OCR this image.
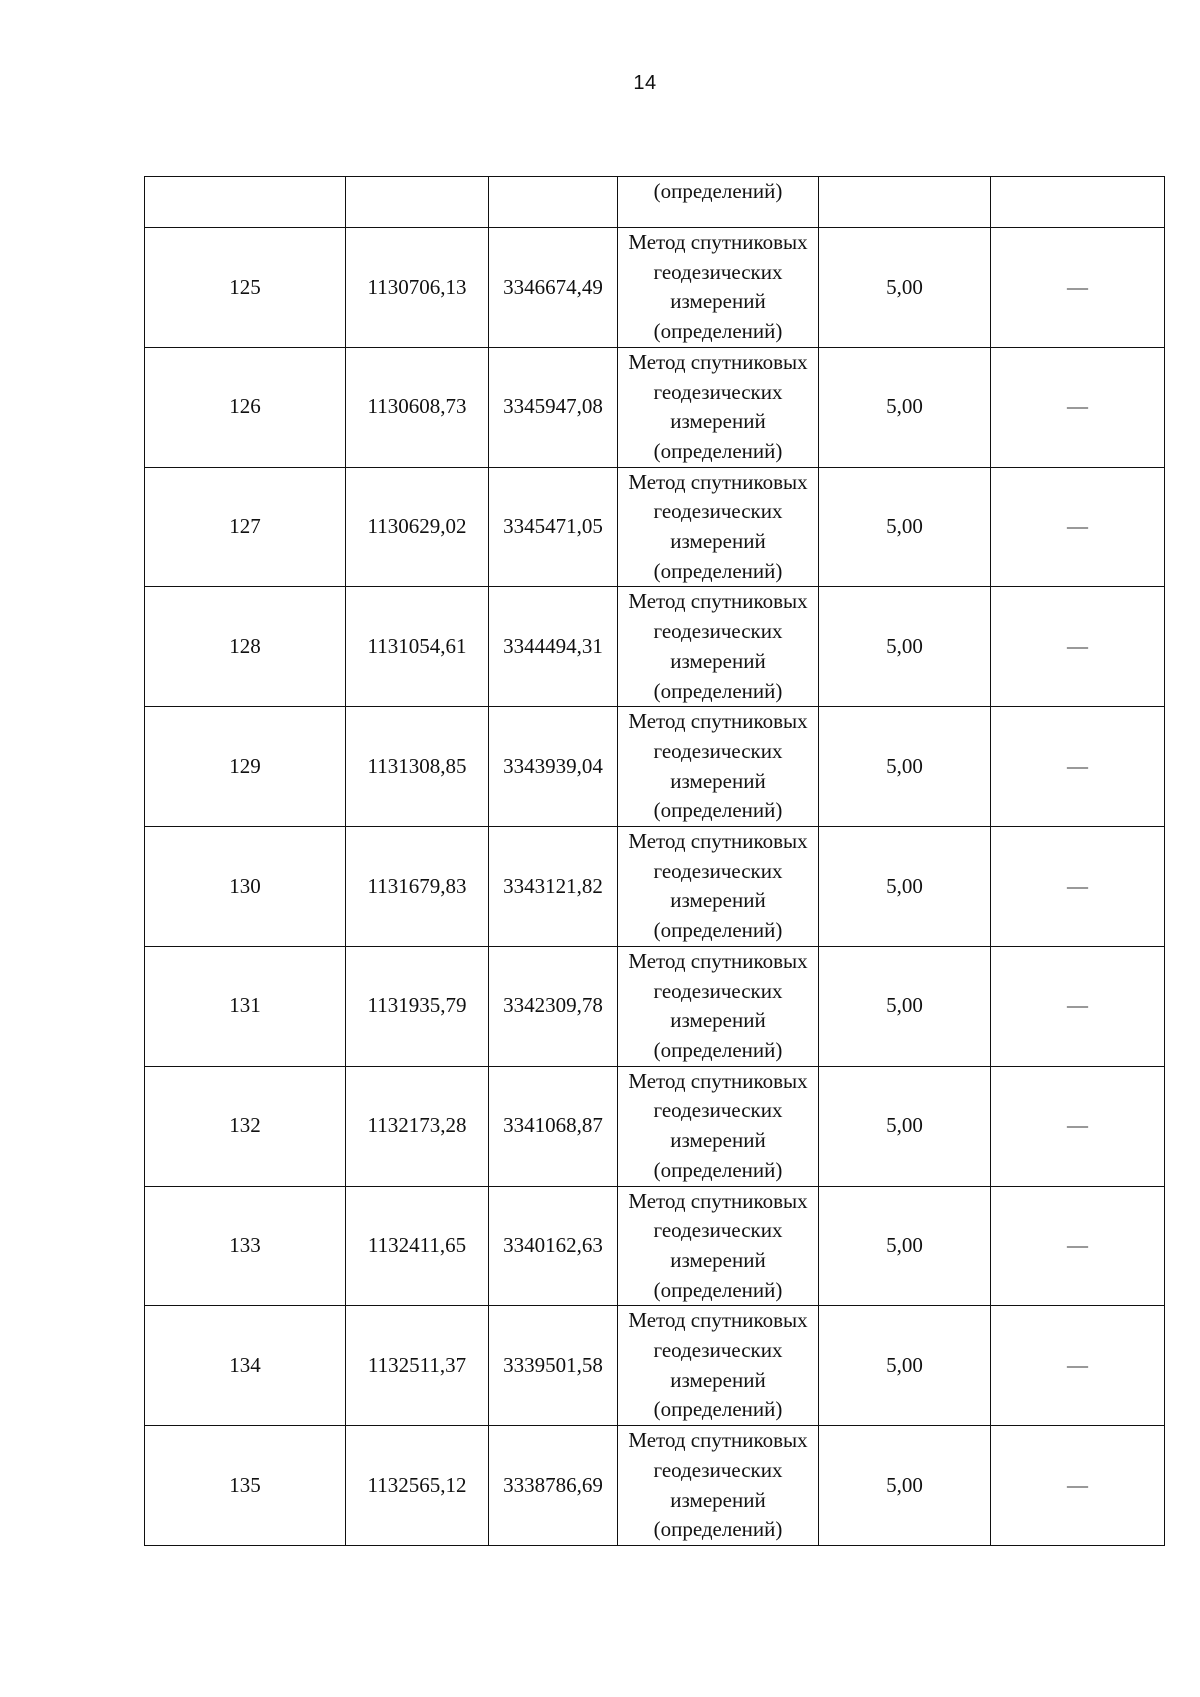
14
			(определений)		
125	1130706,13	3346674,49	Метод спутниковых
геодезических
измерений
(определений)	5,00	—
126	1130608,73	3345947,08	Метод спутниковых
геодезических
измерений
(определений)	5,00	—
127	1130629,02	3345471,05	Метод спутниковых
геодезических
измерений
(определений)	5,00	—
128	1131054,61	3344494,31	Метод спутниковых
геодезических
измерений
(определений)	5,00	—
129	1131308,85	3343939,04	Метод спутниковых
геодезических
измерений
(определений)	5,00	—
130	1131679,83	3343121,82	Метод спутниковых
геодезических
измерений
(определений)	5,00	—
131	1131935,79	3342309,78	Метод спутниковых
геодезических
измерений
(определений)	5,00	—
132	1132173,28	3341068,87	Метод спутниковых
геодезических
измерений
(определений)	5,00	—
133	1132411,65	3340162,63	Метод спутниковых
геодезических
измерений
(определений)	5,00	—
134	1132511,37	3339501,58	Метод спутниковых
геодезических
измерений
(определений)	5,00	—
135	1132565,12	3338786,69	Метод спутниковых
геодезических
измерений
(определений)	5,00	—
